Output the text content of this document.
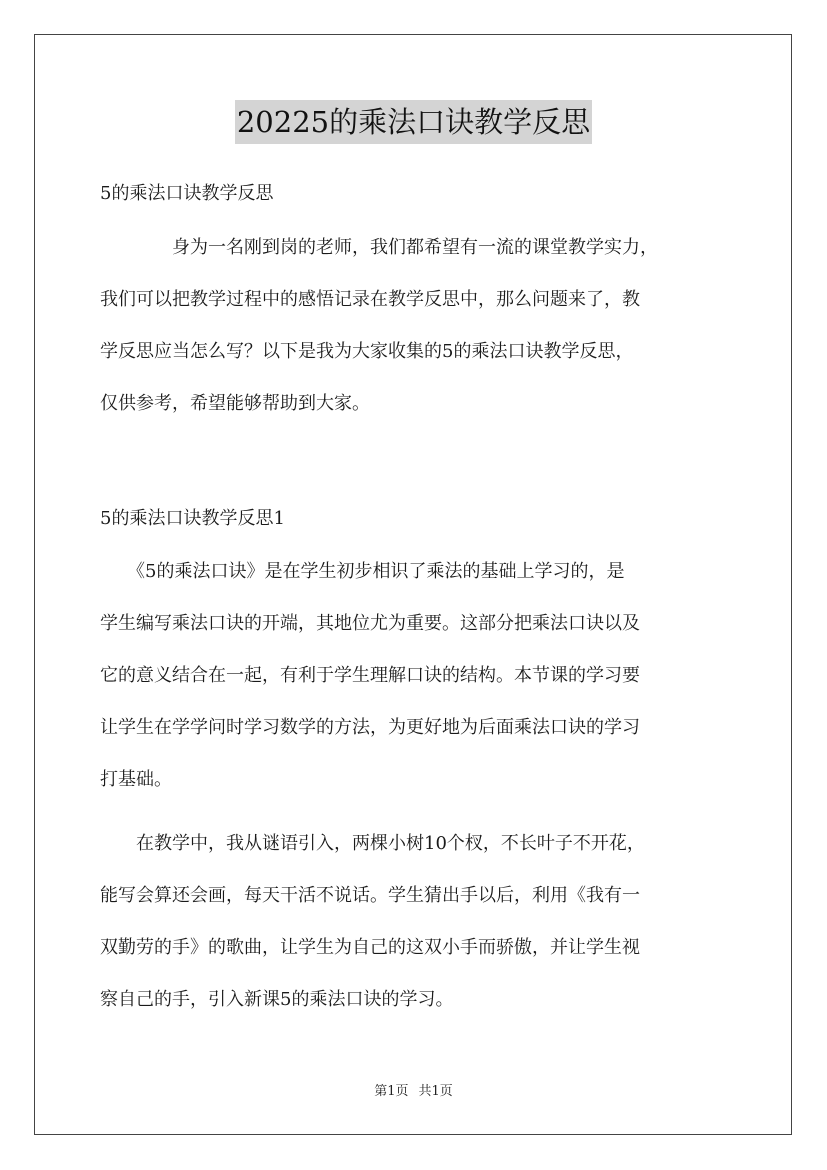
20225的乘法口诀教学反思

5的乘法口诀教学反思

　　　　身为一名刚到岗的老师，我们都希望有一流的课堂教学实力，
我们可以把教学过程中的感悟记录在教学反思中，那么问题来了，教
学反思应当怎么写？以下是我为大家收集的5的乘法口诀教学反思，
仅供参考，希望能够帮助到大家。

5的乘法口诀教学反思1

　　《5的乘法口诀》是在学生初步相识了乘法的基础上学习的，是
学生编写乘法口诀的开端，其地位尤为重要。这部分把乘法口诀以及
它的意义结合在一起，有利于学生理解口诀的结构。本节课的学习要
让学生在学学问时学习数学的方法，为更好地为后面乘法口诀的学习
打基础。
　　在教学中，我从谜语引入，两棵小树10个杈，不长叶子不开花，
能写会算还会画，每天干活不说话。学生猜出手以后，利用《我有一
双勤劳的手》的歌曲，让学生为自己的这双小手而骄傲，并让学生视
察自己的手，引入新课5的乘法口诀的学习。
第1页 共1页
